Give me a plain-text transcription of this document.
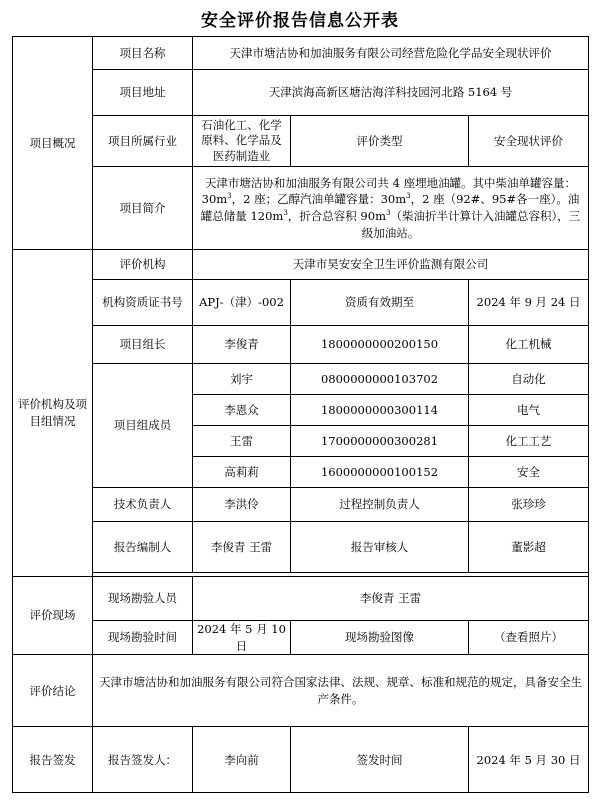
安全评价报告信息公开表
项目概况	项目名称	天津市塘沽协和加油服务有限公司经营危险化学品安全现状评价		
	项目地址	天津滨海高新区塘沽海洋科技园河北路 5164 号		
	项目所属行业	石油化工、化学原料、化学品及医药制造业	评价类型	安全现状评价
	项目简介	天津市塘沽协和加油服务有限公司共 4 座埋地油罐。其中柴油单罐容量：$30m^3$，2 座；乙醇汽油单罐容量：$30m^3$，2 座（92#、95#各一座）。油罐总储量 $120m^3$，折合总容积 $90m^3$（柴油折半计算计入油罐总容积），三级加油站。		
评价机构及项目组情况	评价机构	天津市昊安安全卫生评价监测有限公司		
	机构资质证书号	APJ-（津）-002	资质有效期至	2024 年 9 月 24 日
	项目组长	李俊青	1800000000200150	化工机械
	项目组成员	刘宇	0800000000103702	自动化
		李恩众	1800000000300114	电气
		王雷	1700000000300281	化工工艺
		高莉莉	1600000000100152	安全
	技术负责人	李洪伶	过程控制负责人	张珍珍
	报告编制人	李俊青 王雷	报告审核人	董影超

评价现场	现场勘验人员	李俊青 王雷		
	现场勘验时间	2024 年 5 月 10 日	现场勘验图像	（查看照片）
评价结论	天津市塘沽协和加油服务有限公司符合国家法律、法规、规章、标准和规范的规定，具备安全生产条件。			
报告签发	报告签发人：	李向前	签发时间	2024 年 5 月 30 日
